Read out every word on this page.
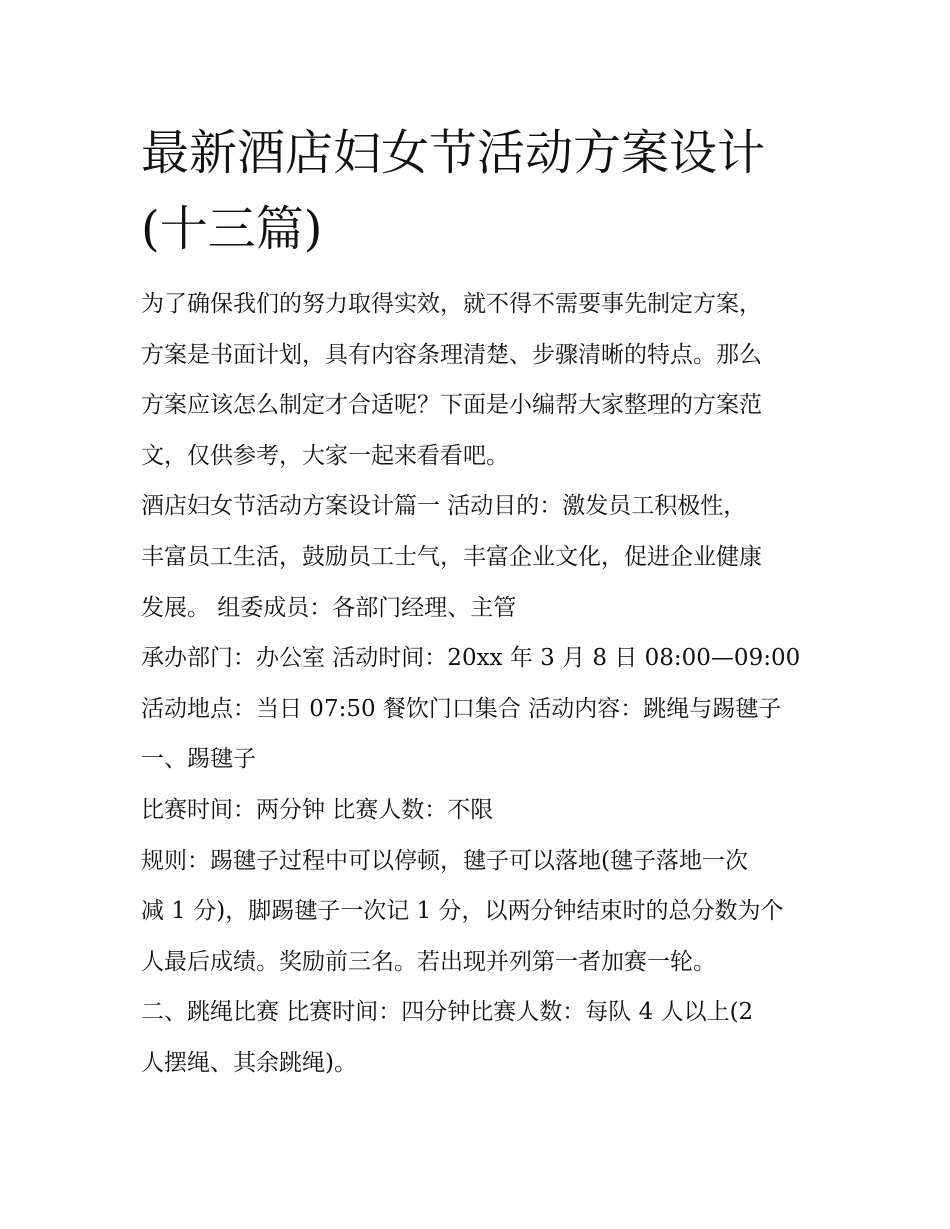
最新酒店妇女节活动方案设计
(十三篇)
为了确保我们的努力取得实效，就不得不需要事先制定方案，
方案是书面计划，具有内容条理清楚、步骤清晰的特点。那么
方案应该怎么制定才合适呢？下面是小编帮大家整理的方案范
文，仅供参考，大家一起来看看吧。
酒店妇女节活动方案设计篇一 活动目的：激发员工积极性，
丰富员工生活，鼓励员工士气，丰富企业文化，促进企业健康
发展。 组委成员：各部门经理、主管
承办部门：办公室 活动时间：20xx 年 3 月 8 日 08:00—09:00
活动地点：当日 07:50 餐饮门口集合 活动内容：跳绳与踢毽子
一、踢毽子
比赛时间：两分钟 比赛人数：不限
规则：踢毽子过程中可以停顿，毽子可以落地(毽子落地一次
减 1 分)，脚踢毽子一次记 1 分，以两分钟结束时的总分数为个
人最后成绩。奖励前三名。若出现并列第一者加赛一轮。
二、跳绳比赛 比赛时间：四分钟比赛人数：每队 4 人以上(2
人摆绳、其余跳绳)。
